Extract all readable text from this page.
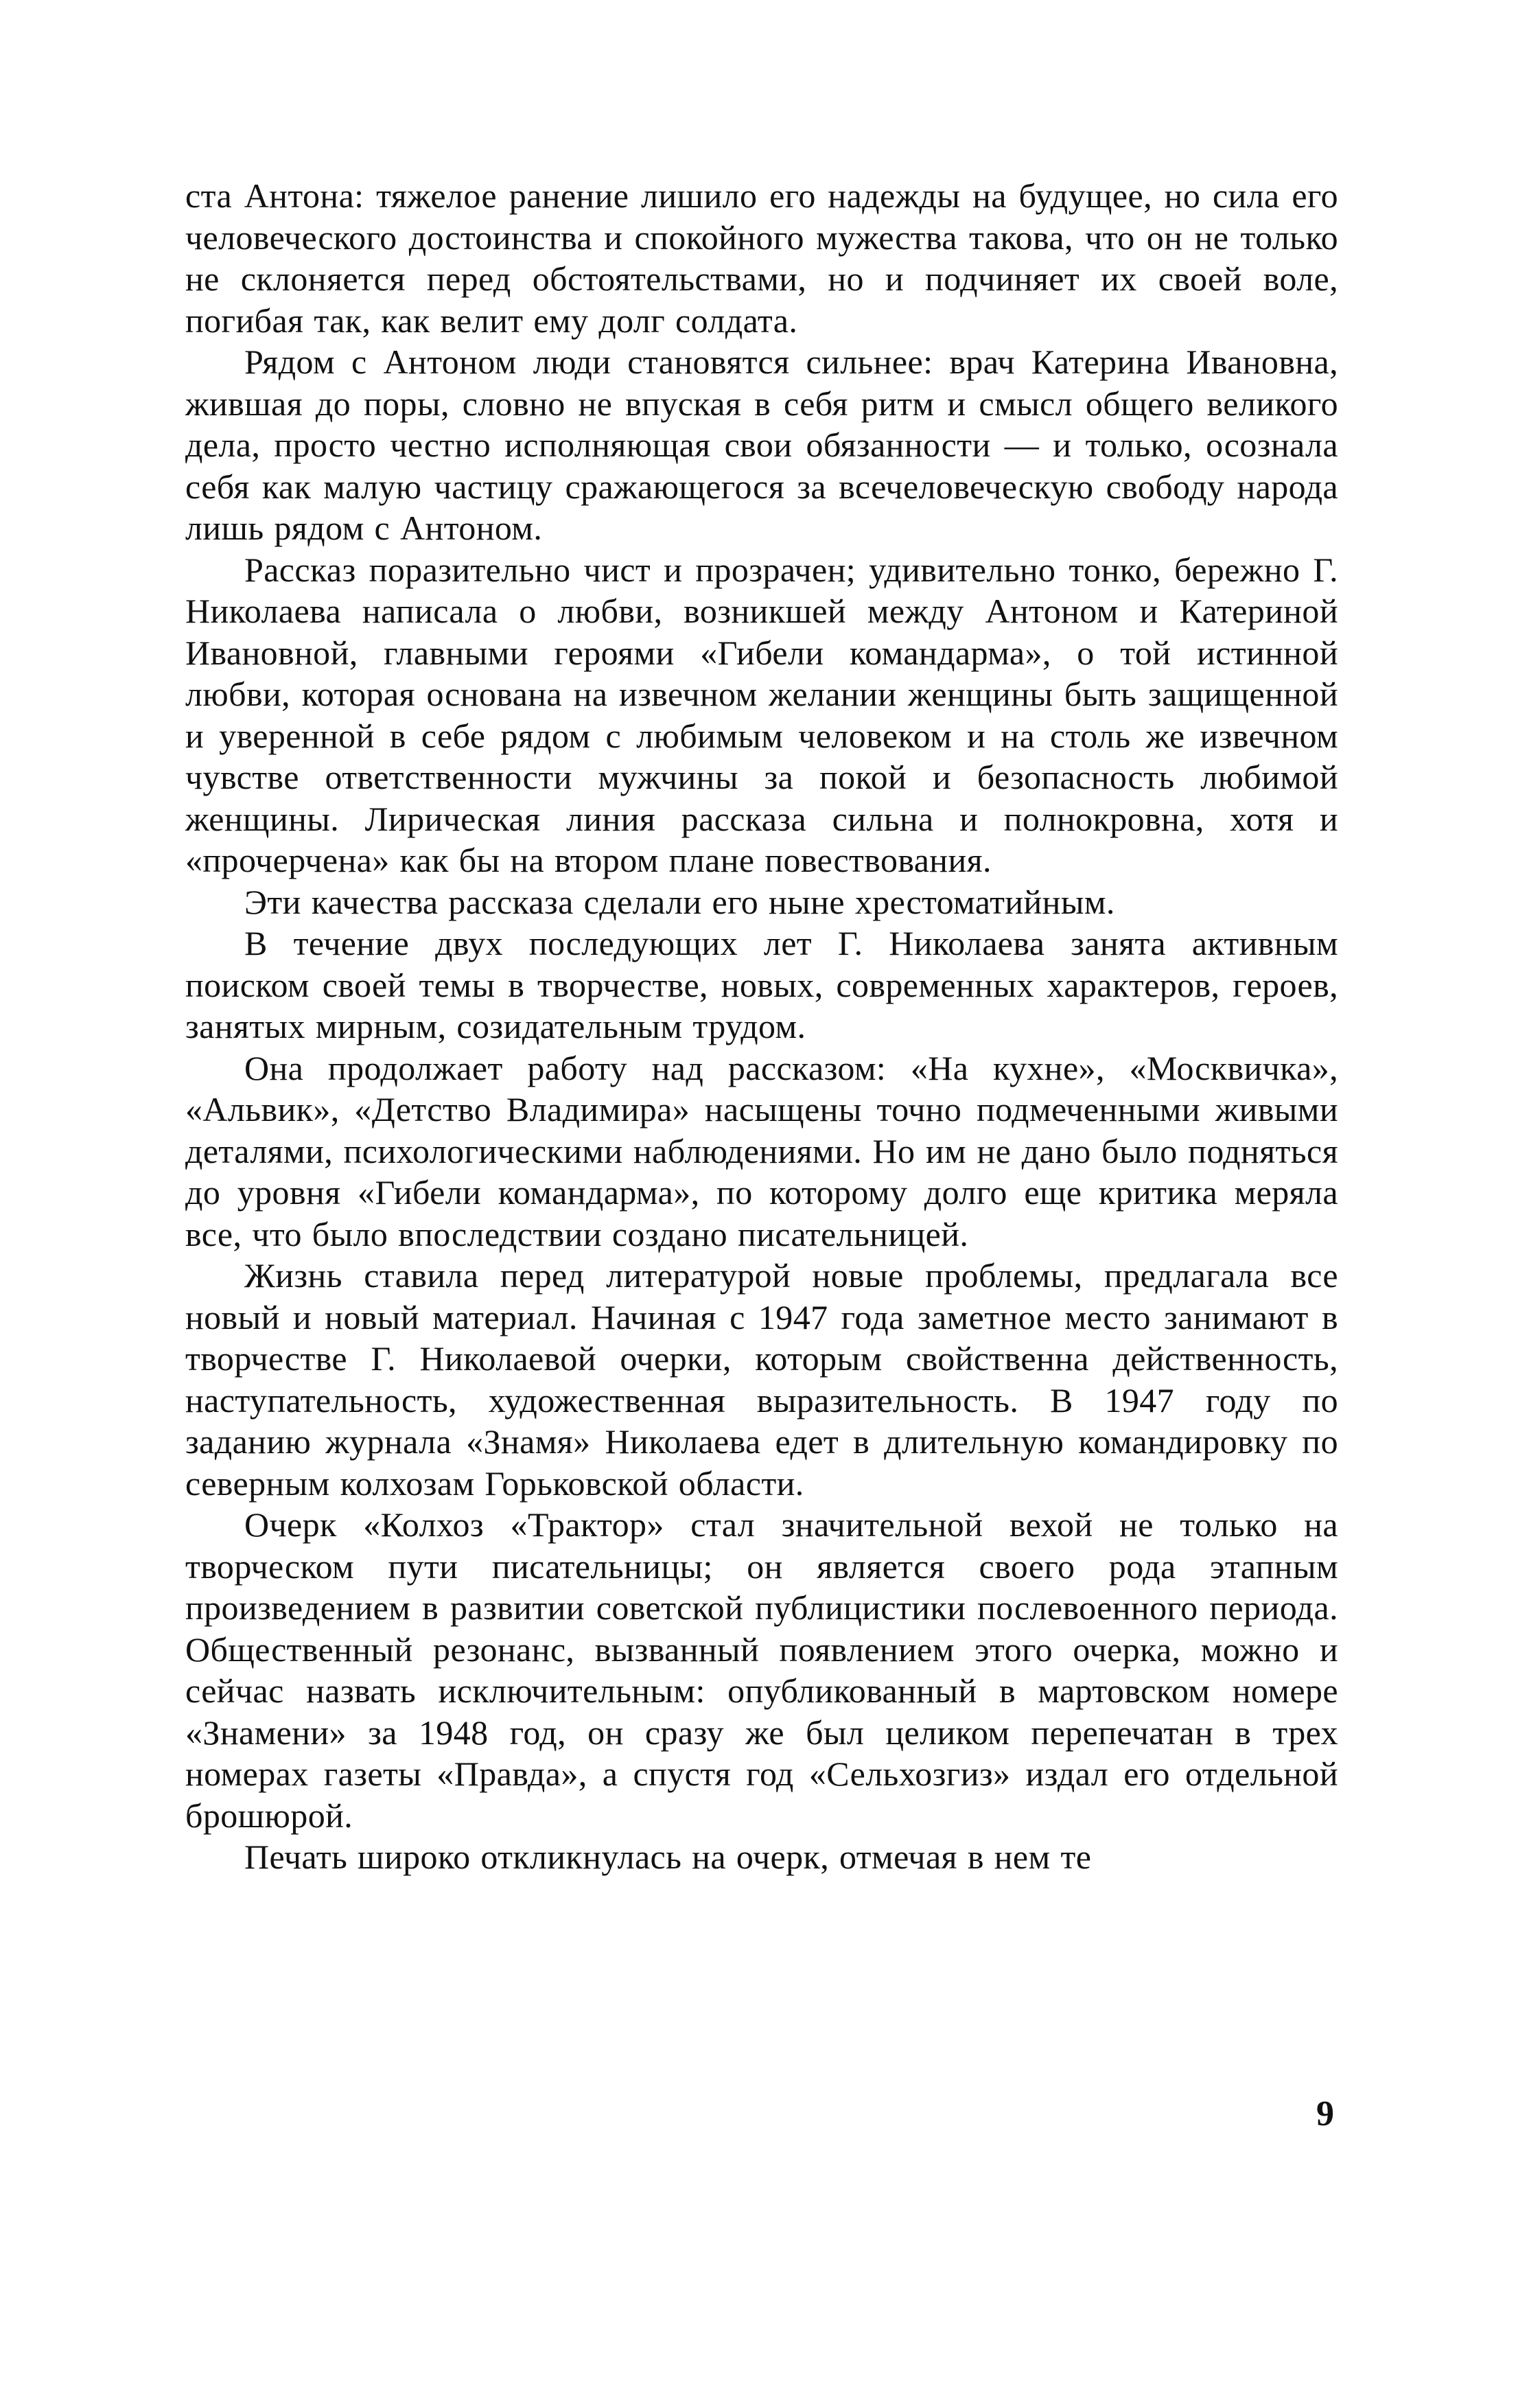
ста Антона: тяжелое ранение лишило его надежды на будущее, но сила его человеческого достоинства и спокойного мужества такова, что он не только не склоняется перед обстоятельствами, но и подчиняет их своей воле, погибая так, как велит ему долг солдата.

Рядом с Антоном люди становятся сильнее: врач Катерина Ивановна, жившая до поры, словно не впуская в себя ритм и смысл общего великого дела, просто честно исполняющая свои обязанности — и только, осознала себя как малую частицу сражающегося за всечеловеческую свободу народа лишь рядом с Антоном.

Рассказ поразительно чист и прозрачен; удивительно тонко, бережно Г. Николаева написала о любви, возникшей между Антоном и Катериной Ивановной, главными героями «Гибели командарма», о той истинной любви, которая основана на извечном желании женщины быть защищенной и уверенной в себе рядом с любимым человеком и на столь же извечном чувстве ответственности мужчины за покой и безопасность любимой женщины. Лирическая линия рассказа сильна и полнокровна, хотя и «прочерчена» как бы на втором плане повествования.

Эти качества рассказа сделали его ныне хрестоматийным.

В течение двух последующих лет Г. Николаева занята активным поиском своей темы в творчестве, новых, современных характеров, героев, занятых мирным, созидательным трудом.

Она продолжает работу над рассказом: «На кухне», «Москвичка», «Альвик», «Детство Владимира» насыщены точно подмеченными живыми деталями, психологическими наблюдениями. Но им не дано было подняться до уровня «Гибели командарма», по которому долго еще критика меряла все, что было впоследствии создано писательницей.

Жизнь ставила перед литературой новые проблемы, предлагала все новый и новый материал. Начиная с 1947 года заметное место занимают в творчестве Г. Николаевой очерки, которым свойственна действенность, наступательность, художественная выразительность. В 1947 году по заданию журнала «Знамя» Николаева едет в длительную командировку по северным колхозам Горьковской области.

Очерк «Колхоз «Трактор» стал значительной вехой не только на творческом пути писательницы; он является своего рода этапным произведением в развитии советской публицистики послевоенного периода. Общественный резонанс, вызванный появлением этого очерка, можно и сейчас назвать исключительным: опубликованный в мартовском номере «Знамени» за 1948 год, он сразу же был целиком перепечатан в трех номерах газеты «Правда», а спустя год «Сельхозгиз» издал его отдельной брошюрой.

Печать широко откликнулась на очерк, отмечая в нем те

9
